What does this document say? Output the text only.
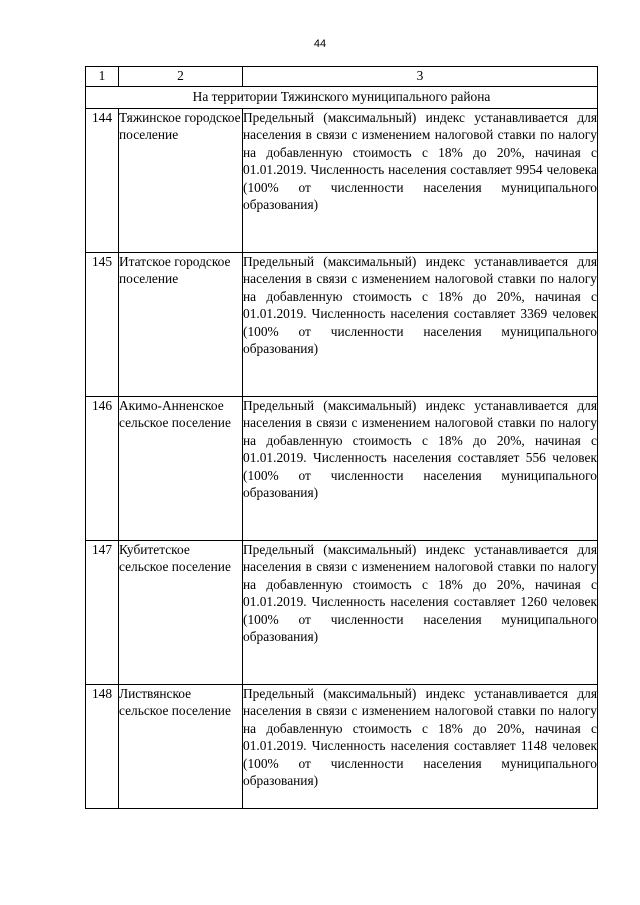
44
1	2	3
На территории Тяжинского муниципального района		
144	Тяжинское городское поселение	Предельный (максимальный) индекс устанавливается для населения в связи с изменением налоговой ставки по налогу на добавленную стоимость с 18% до 20%, начиная с 01.01.2019. Численность населения составляет 9954 человека (100% от численности населения муниципального образования)
145	Итатское городское поселение	Предельный (максимальный) индекс устанавливается для населения в связи с изменением налоговой ставки по налогу на добавленную стоимость с 18% до 20%, начиная с 01.01.2019. Численность населения составляет 3369 человек (100% от численности населения муниципального образования)
146	Акимо-Анненское сельское поселение	Предельный (максимальный) индекс устанавливается для населения в связи с изменением налоговой ставки по налогу на добавленную стоимость с 18% до 20%, начиная с 01.01.2019. Численность населения составляет 556 человек (100% от численности населения муниципального образования)
147	Кубитетское сельское поселение	Предельный (максимальный) индекс устанавливается для населения в связи с изменением налоговой ставки по налогу на добавленную стоимость с 18% до 20%, начиная с 01.01.2019. Численность населения составляет 1260 человек (100% от численности населения муниципального образования)
148	Листвянское сельское поселение	Предельный (максимальный) индекс устанавливается для населения в связи с изменением налоговой ставки по налогу на добавленную стоимость с 18% до 20%, начиная с 01.01.2019. Численность населения составляет 1148 человек (100% от численности населения муниципального образования)
